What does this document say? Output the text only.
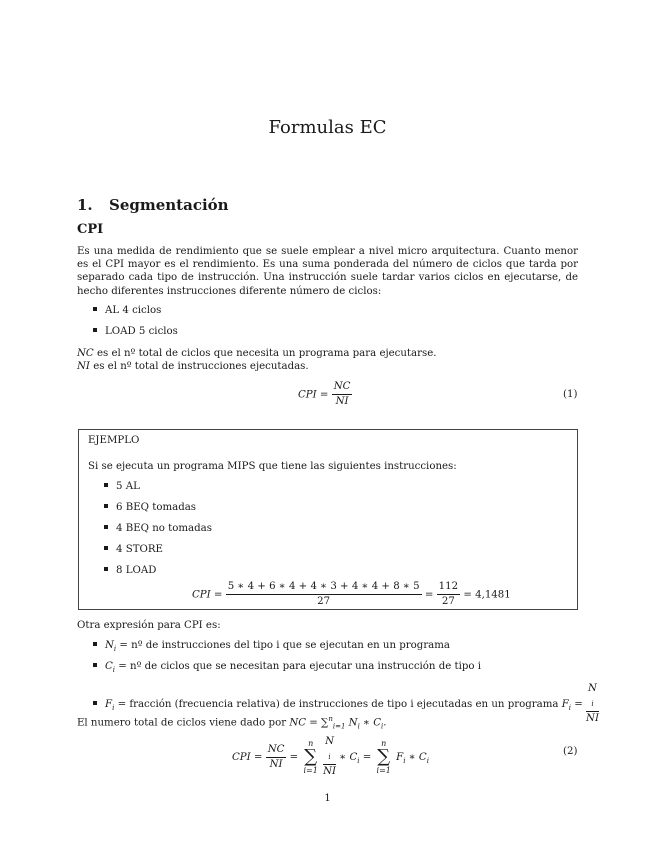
Formulas EC
1. Segmentación
CPI
Es una medida de rendimiento que se suele emplear a nivel micro arquitectura. Cuanto menor es el CPI mayor es el rendimiento. Es una suma ponderada del número de ciclos que tarda por separado cada tipo de instrucción. Una instrucción suele tardar varios ciclos en ejecutarse, de hecho diferentes instrucciones diferente número de ciclos:
AL 4 ciclos
LOAD 5 ciclos
NC es el nº total de ciclos que necesita un programa para ejecutarse.
NI es el nº total de instrucciones ejecutadas.
CPI = $\frac{NC}{NI}$	(1)
EJEMPLO
Si se ejecuta un programa MIPS que tiene las siguientes instrucciones:
5 AL
6 BEQ tomadas
4 BEQ no tomadas
4 STORE
8 LOAD
CPI = $\frac{5 ∗ 4 + 6 ∗ 4 + 4 ∗ 3 + 4 ∗ 4 + 8 ∗ 5}{27} = \frac{112}{27} = 4,1481$
Otra expresión para CPI es:
$N_i$ = nº de instrucciones del tipo i que se ejecutan en un programa
$C_i$ = nº de ciclos que se necesitan para ejecutar una instrucción de tipo i
$F_i$ = fracción (frecuencia relativa) de instrucciones de tipo i ejecutadas en un programa $F_i = N$
$_i$
NI
El numero total de ciclos viene dado por NC = ∑$^n_{i=1}$ $N_i$ ∗ $C_i$.
CPI = $\frac{NC}{NI} = n$
∑
i=1 N
$_i$
NI ∗ $C_i = n$
∑
i=1 $F_i$ ∗ $C_i$
(2)
1
